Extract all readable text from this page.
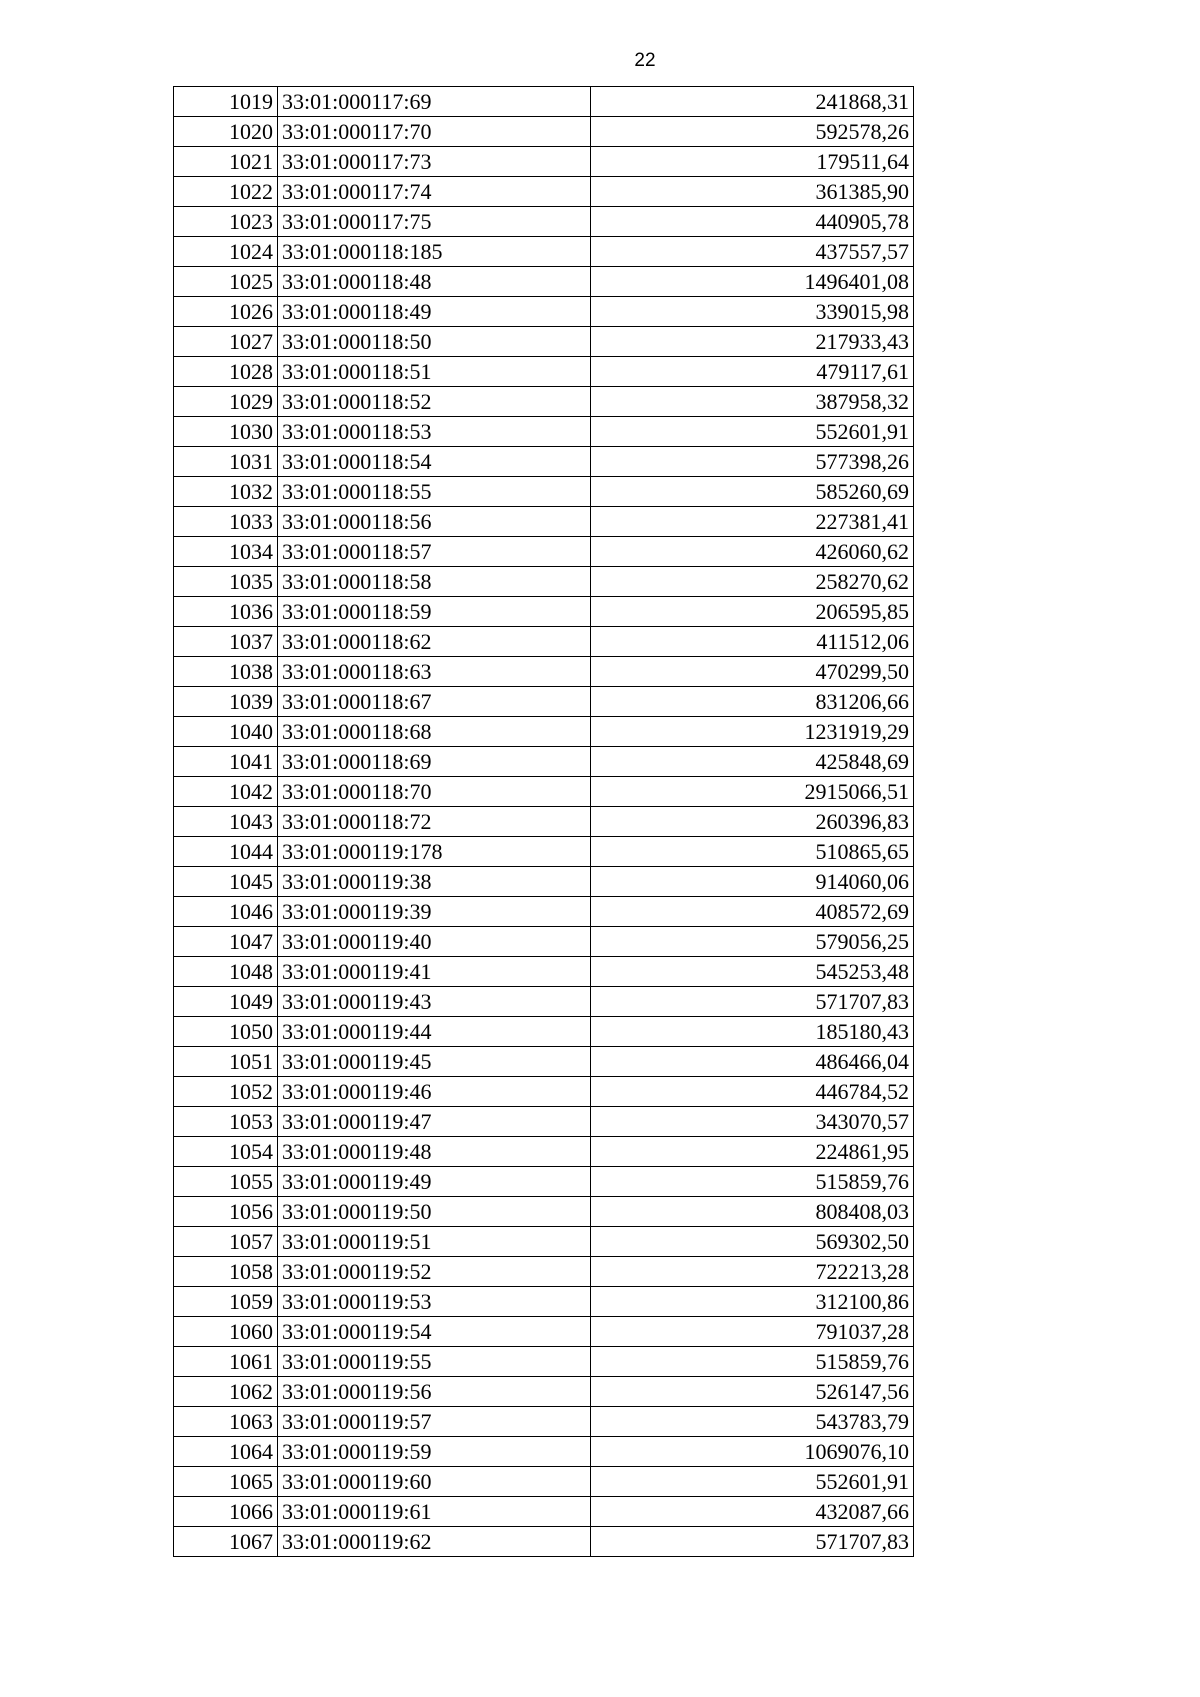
22
1019	33:01:000117:69	241868,31
1020	33:01:000117:70	592578,26
1021	33:01:000117:73	179511,64
1022	33:01:000117:74	361385,90
1023	33:01:000117:75	440905,78
1024	33:01:000118:185	437557,57
1025	33:01:000118:48	1496401,08
1026	33:01:000118:49	339015,98
1027	33:01:000118:50	217933,43
1028	33:01:000118:51	479117,61
1029	33:01:000118:52	387958,32
1030	33:01:000118:53	552601,91
1031	33:01:000118:54	577398,26
1032	33:01:000118:55	585260,69
1033	33:01:000118:56	227381,41
1034	33:01:000118:57	426060,62
1035	33:01:000118:58	258270,62
1036	33:01:000118:59	206595,85
1037	33:01:000118:62	411512,06
1038	33:01:000118:63	470299,50
1039	33:01:000118:67	831206,66
1040	33:01:000118:68	1231919,29
1041	33:01:000118:69	425848,69
1042	33:01:000118:70	2915066,51
1043	33:01:000118:72	260396,83
1044	33:01:000119:178	510865,65
1045	33:01:000119:38	914060,06
1046	33:01:000119:39	408572,69
1047	33:01:000119:40	579056,25
1048	33:01:000119:41	545253,48
1049	33:01:000119:43	571707,83
1050	33:01:000119:44	185180,43
1051	33:01:000119:45	486466,04
1052	33:01:000119:46	446784,52
1053	33:01:000119:47	343070,57
1054	33:01:000119:48	224861,95
1055	33:01:000119:49	515859,76
1056	33:01:000119:50	808408,03
1057	33:01:000119:51	569302,50
1058	33:01:000119:52	722213,28
1059	33:01:000119:53	312100,86
1060	33:01:000119:54	791037,28
1061	33:01:000119:55	515859,76
1062	33:01:000119:56	526147,56
1063	33:01:000119:57	543783,79
1064	33:01:000119:59	1069076,10
1065	33:01:000119:60	552601,91
1066	33:01:000119:61	432087,66
1067	33:01:000119:62	571707,83
